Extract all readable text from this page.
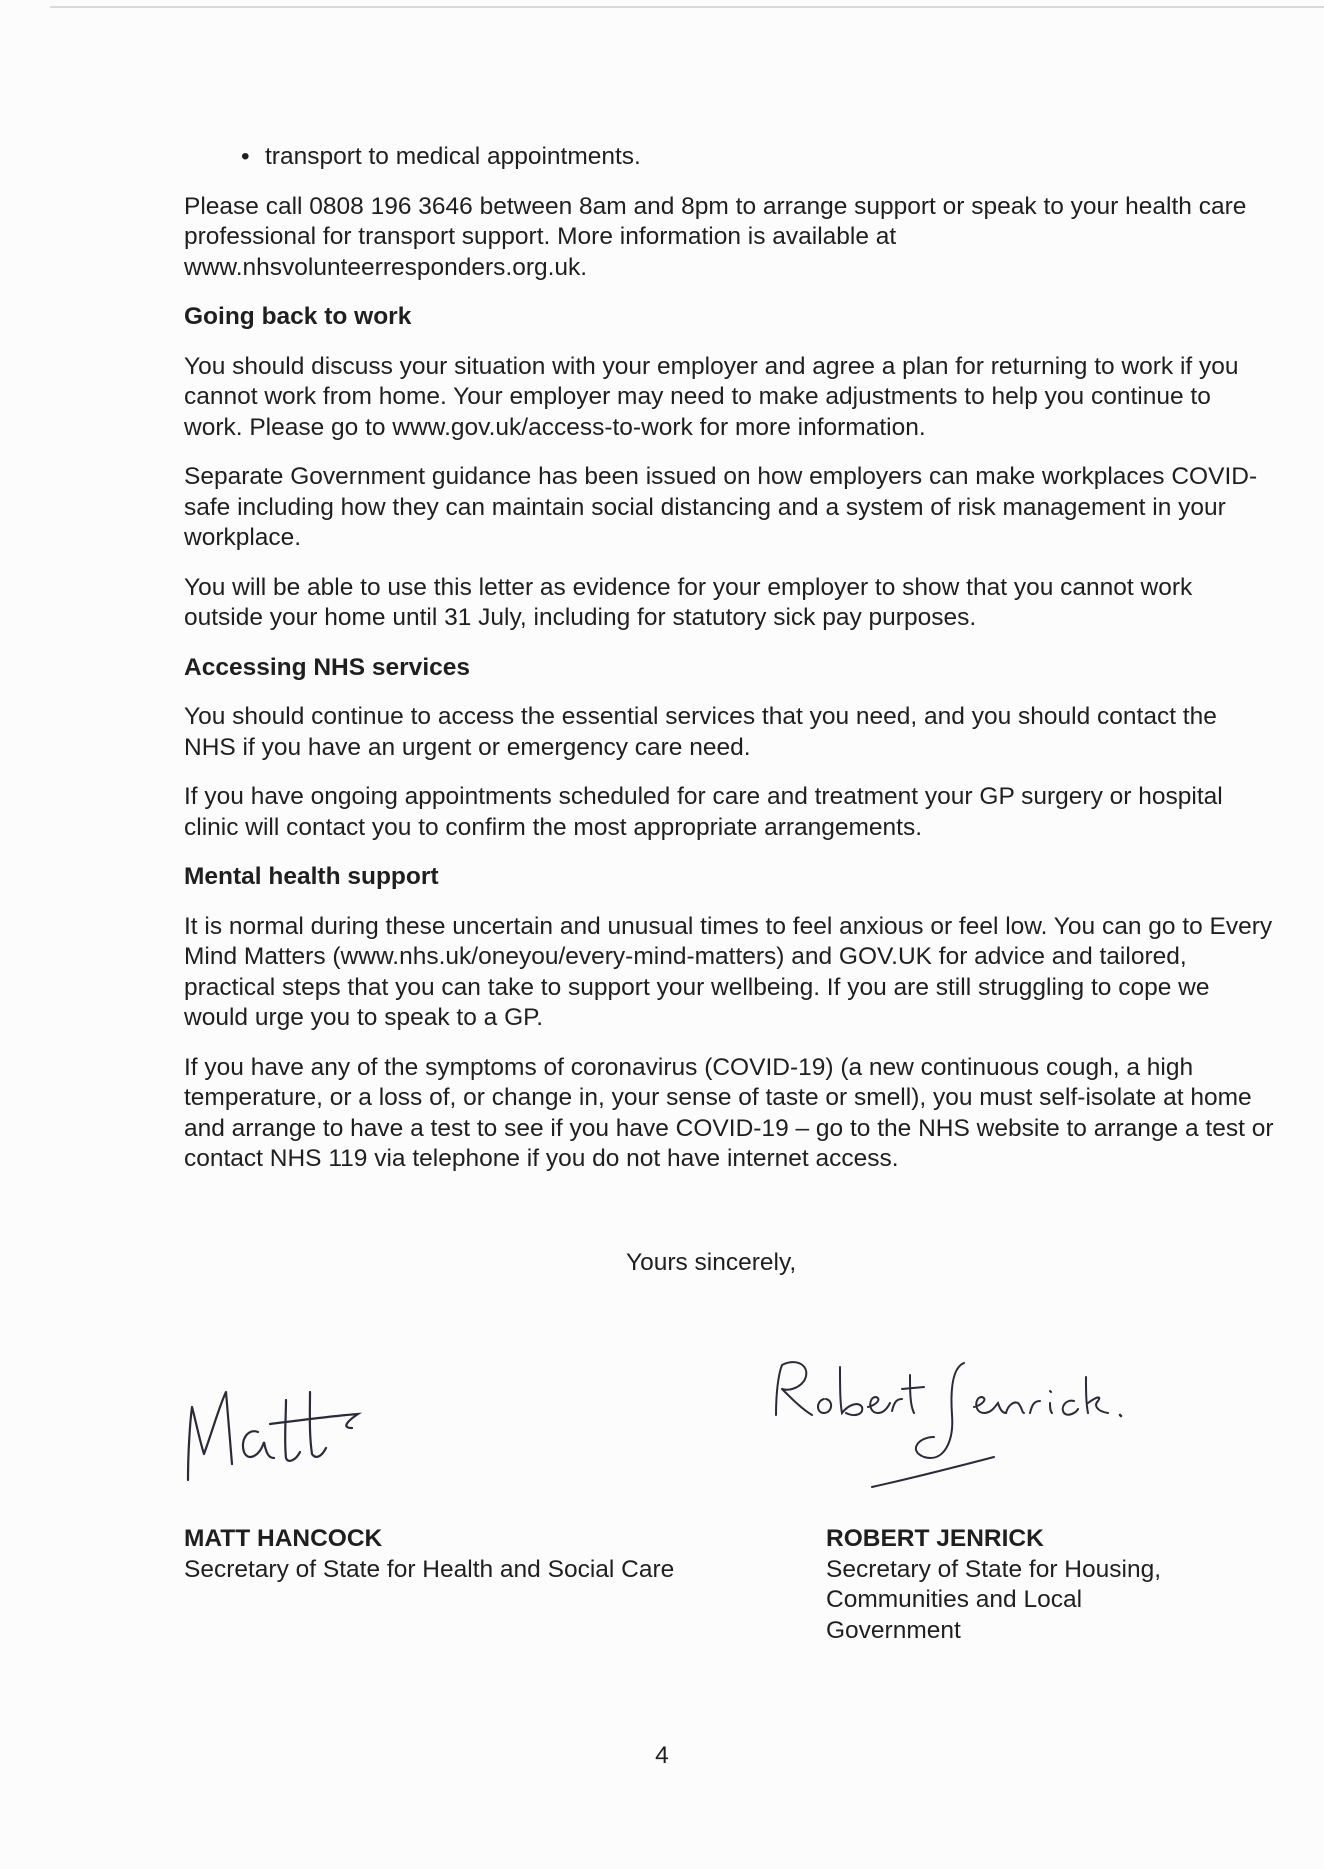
• transport to medical appointments.

Please call 0808 196 3646 between 8am and 8pm to arrange support or speak to your health care professional for transport support. More information is available at www.nhsvolunteerresponders.org.uk.

Going back to work

You should discuss your situation with your employer and agree a plan for returning to work if you cannot work from home. Your employer may need to make adjustments to help you continue to work. Please go to www.gov.uk/access-to-work for more information.

Separate Government guidance has been issued on how employers can make workplaces COVID-safe including how they can maintain social distancing and a system of risk management in your workplace.

You will be able to use this letter as evidence for your employer to show that you cannot work outside your home until 31 July, including for statutory sick pay purposes.

Accessing NHS services

You should continue to access the essential services that you need, and you should contact the NHS if you have an urgent or emergency care need.

If you have ongoing appointments scheduled for care and treatment your GP surgery or hospital clinic will contact you to confirm the most appropriate arrangements.

Mental health support

It is normal during these uncertain and unusual times to feel anxious or feel low. You can go to Every Mind Matters (www.nhs.uk/oneyou/every-mind-matters) and GOV.UK for advice and tailored, practical steps that you can take to support your wellbeing. If you are still struggling to cope we would urge you to speak to a GP.

If you have any of the symptoms of coronavirus (COVID-19) (a new continuous cough, a high temperature, or a loss of, or change in, your sense of taste or smell), you must self-isolate at home and arrange to have a test to see if you have COVID-19 – go to the NHS website to arrange a test or contact NHS 119 via telephone if you do not have internet access.

Yours sincerely,
MATT HANCOCK
Secretary of State for Health and Social Care
ROBERT JENRICK
Secretary of State for Housing,
Communities and Local
Government
4
